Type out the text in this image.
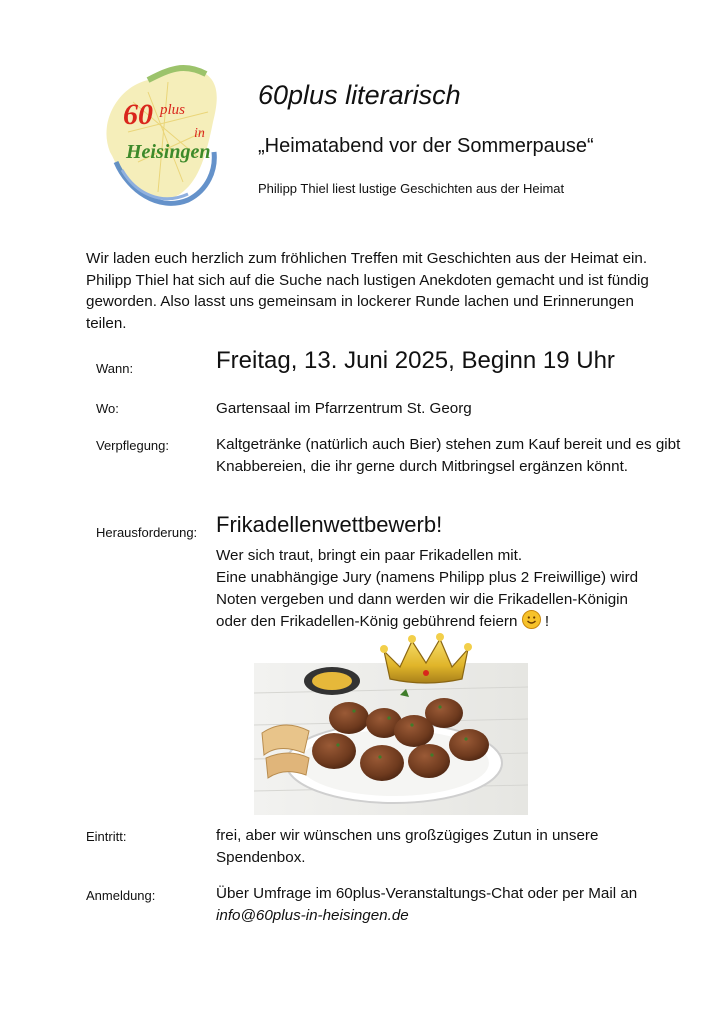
60 plus
in
Heisingen
60plus literarisch
„Heimatabend vor der Sommerpause“
Philipp Thiel liest lustige Geschichten aus der Heimat
Wir laden euch herzlich zum fröhlichen Treffen mit Geschichten aus der Heimat ein. Philipp Thiel hat sich auf die Suche nach lustigen Anekdoten gemacht und ist fündig geworden. Also lasst uns gemeinsam in lockerer Runde lachen und Erinnerungen teilen.
Wann:	Freitag, 13. Juni 2025, Beginn 19 Uhr
Wo:	Gartensaal im Pfarrzentrum St. Georg
Verpflegung:	Kaltgetränke (natürlich auch Bier) stehen zum Kauf bereit und es gibt Knabbereien, die ihr gerne durch Mitbringsel ergänzen könnt.
Herausforderung: Frikadellenwettbewerb!
Wer sich traut, bringt ein paar Frikadellen mit.
Eine unabhängige Jury (namens Philipp plus 2 Freiwillige) wird Noten vergeben und dann werden wir die Frikadellen-Königin oder den Frikadellen-König gebührend feiern !
Eintritt:	frei, aber wir wünschen uns großzügiges Zutun in unsere Spendenbox.
Anmeldung:	Über Umfrage im 60plus-Veranstaltungs-Chat oder per Mail an info@60plus-in-heisingen.de
